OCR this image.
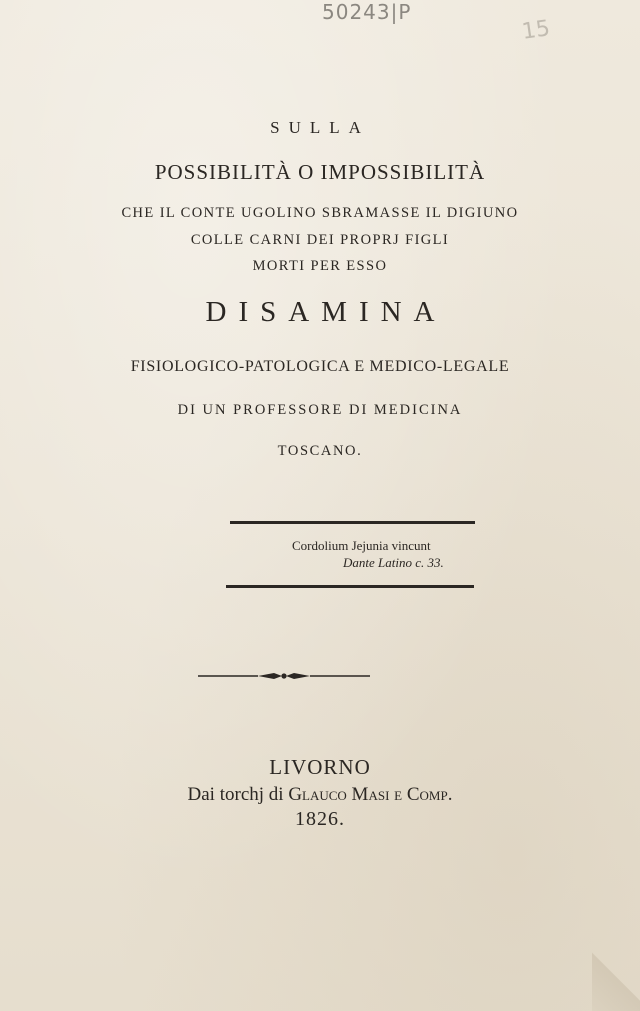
50243|P
15
SULLA
POSSIBILITÀ O IMPOSSIBILITÀ
CHE IL CONTE UGOLINO SBRAMASSE IL DIGIUNO
COLLE CARNI DEI PROPRJ FIGLI
MORTI PER ESSO
DISAMINA
FISIOLOGICO-PATOLOGICA E MEDICO-LEGALE
DI UN PROFESSORE DI MEDICINA
TOSCANO.
Cordolium Jejunia vincunt
Dante Latino c. 33.
LIVORNO
Dai torchj di Glauco Masi e Comp.
1826.
